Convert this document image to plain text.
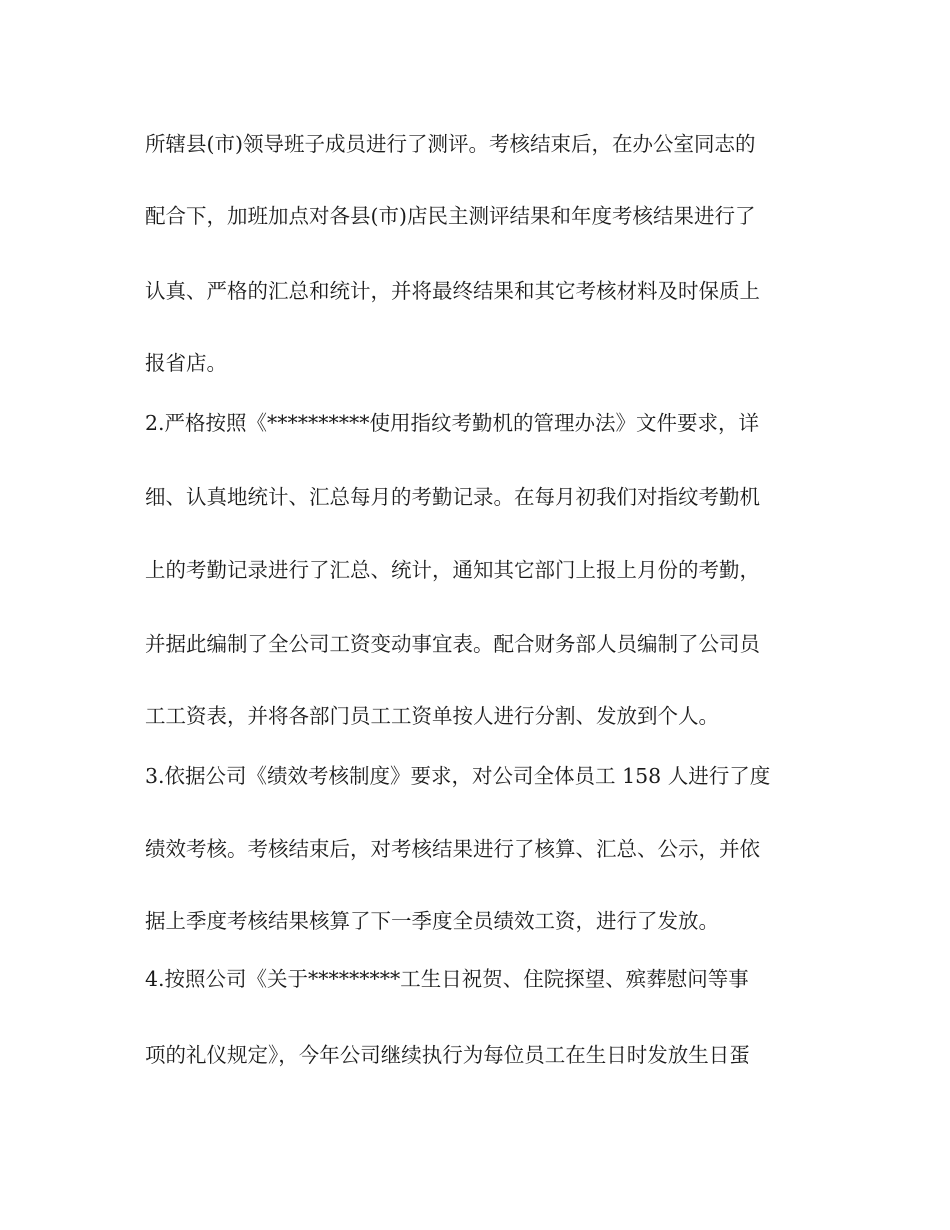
所辖县(市)领导班子成员进行了测评。考核结束后，在办公室同志的

配合下，加班加点对各县(市)店民主测评结果和年度考核结果进行了

认真、严格的汇总和统计，并将最终结果和其它考核材料及时保质上

报省店。

2.严格按照《**********使用指纹考勤机的管理办法》文件要求，详

细、认真地统计、汇总每月的考勤记录。在每月初我们对指纹考勤机

上的考勤记录进行了汇总、统计，通知其它部门上报上月份的考勤，

并据此编制了全公司工资变动事宜表。配合财务部人员编制了公司员

工工资表，并将各部门员工工资单按人进行分割、发放到个人。

3.依据公司《绩效考核制度》要求，对公司全体员工 158 人进行了度

绩效考核。考核结束后，对考核结果进行了核算、汇总、公示，并依

据上季度考核结果核算了下一季度全员绩效工资，进行了发放。

4.按照公司《关于*********工生日祝贺、住院探望、殡葬慰问等事

项的礼仪规定》，今年公司继续执行为每位员工在生日时发放生日蛋
